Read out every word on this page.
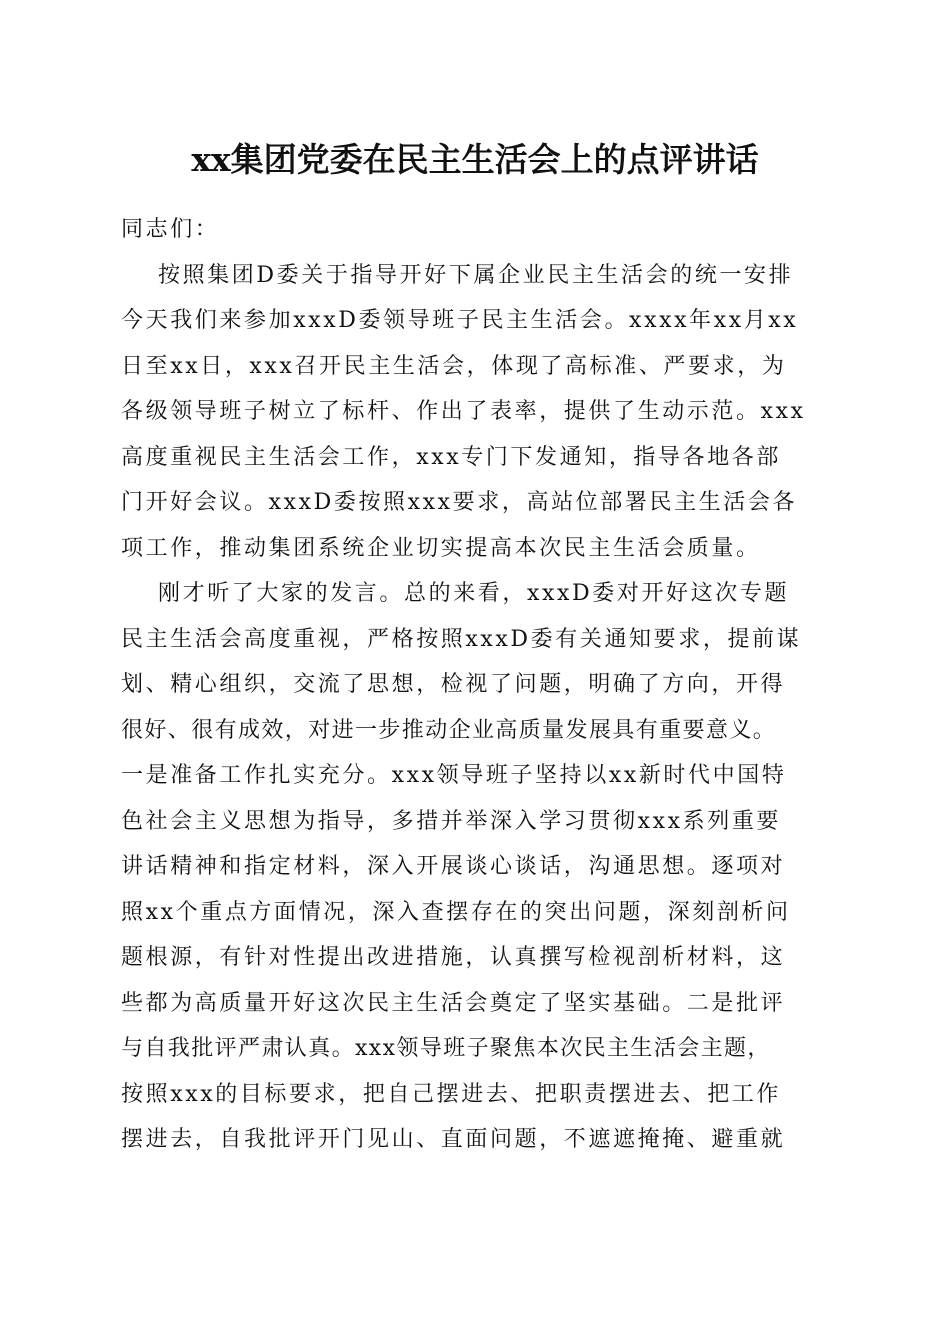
xx集团党委在民主生活会上的点评讲话
同志们：
按照集团D委关于指导开好下属企业民主生活会的统一安排
今天我们来参加xxxD委领导班子民主生活会。xxxx年xx月xx
日至xx日，xxx召开民主生活会，体现了高标准、严要求，为
各级领导班子树立了标杆、作出了表率，提供了生动示范。xxx
高度重视民主生活会工作，xxx专门下发通知，指导各地各部
门开好会议。xxxD委按照xxx要求，高站位部署民主生活会各
项工作，推动集团系统企业切实提高本次民主生活会质量。
刚才听了大家的发言。总的来看，xxxD委对开好这次专题
民主生活会高度重视，严格按照xxxD委有关通知要求，提前谋
划、精心组织，交流了思想，检视了问题，明确了方向，开得
很好、很有成效，对进一步推动企业高质量发展具有重要意义。
一是准备工作扎实充分。xxx领导班子坚持以xx新时代中国特
色社会主义思想为指导，多措并举深入学习贯彻xxx系列重要
讲话精神和指定材料，深入开展谈心谈话，沟通思想。逐项对
照xx个重点方面情况，深入查摆存在的突出问题，深刻剖析问
题根源，有针对性提出改进措施，认真撰写检视剖析材料，这
些都为高质量开好这次民主生活会奠定了坚实基础。二是批评
与自我批评严肃认真。xxx领导班子聚焦本次民主生活会主题，
按照xxx的目标要求，把自己摆进去、把职责摆进去、把工作
摆进去，自我批评开门见山、直面问题，不遮遮掩掩、避重就
